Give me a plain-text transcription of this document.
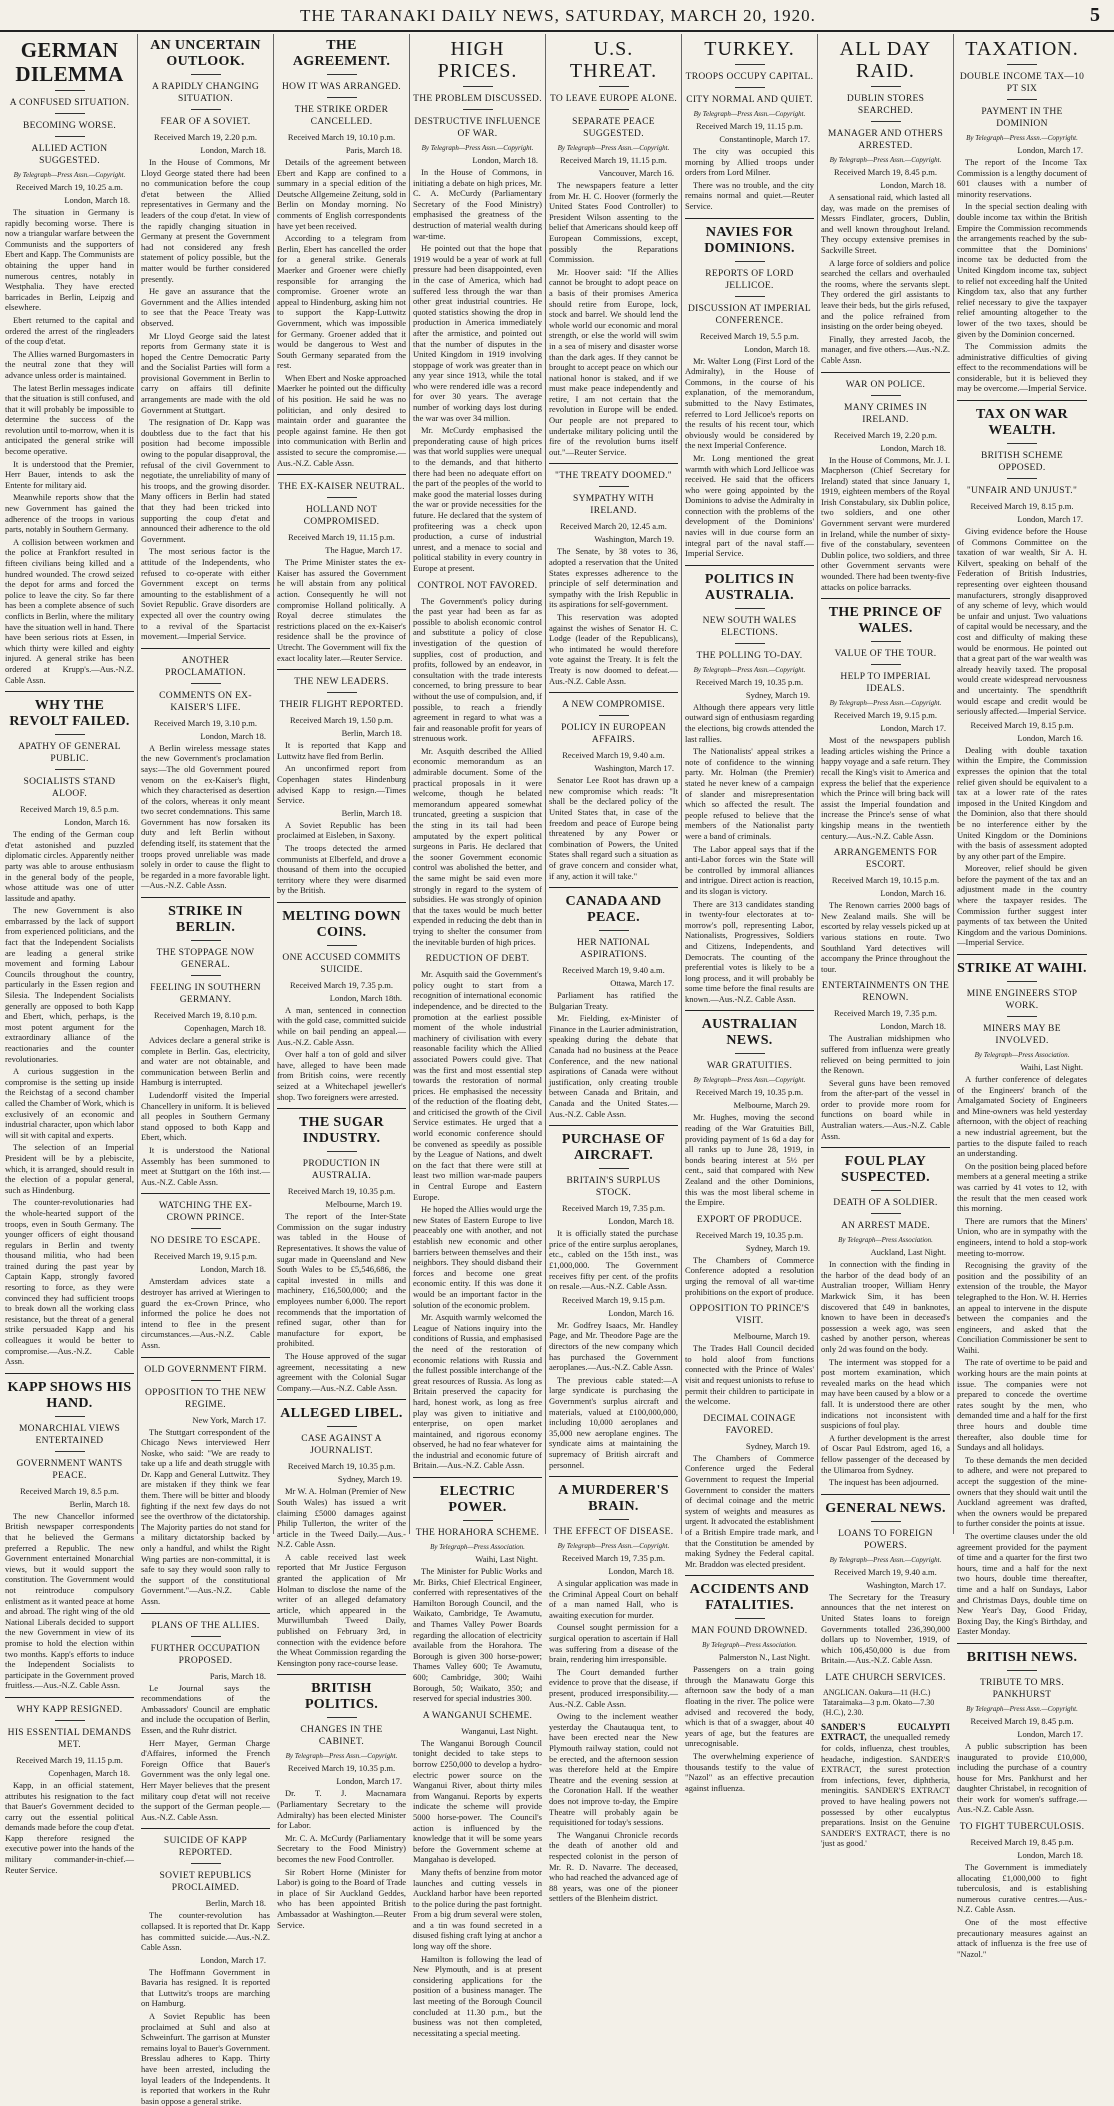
THE TARANAKI DAILY NEWS, SATURDAY, MARCH 20, 1920.	5
GERMAN DILEMMA
A CONFUSED SITUATION.
BECOMING WORSE.
ALLIED ACTION SUGGESTED.
By Telegraph—Press Assn.—Copyright.
Received March 19, 10.25 a.m.
London, March 18.
The situation in Germany is rapidly becoming worse. There is now a triangular warfare between the Communists and the supporters of Ebert and Kapp. The Communists are obtaining the upper hand in numerous centres, notably in Westphalia. They have erected barricades in Berlin, Leipzig and elsewhere.
Ebert returned to the capital and ordered the arrest of the ringleaders of the coup d'etat.
The Allies warned Burgomasters in the neutral zone that they will advance unless order is maintained.
The latest Berlin messages indicate that the situation is still confused, and that it will probably be impossible to determine the success of the revolution until to-morrow, when it is anticipated the general strike will become operative.
It is understood that the Premier, Herr Bauer, intends to ask the Entente for military aid.
Meanwhile reports show that the new Government has gained the adherence of the troops in various parts, notably in Southern Germany.
A collision between workmen and the police at Frankfort resulted in fifteen civilians being killed and a hundred wounded. The crowd seized the depot for arms and forced the police to leave the city. So far there has been a complete absence of such conflicts in Berlin, where the military have the situation well in hand. There have been serious riots at Essen, in which thirty were killed and eighty injured. A general strike has been ordered at Krupp's.—Aus.-N.Z. Cable Assn.
WHY THE REVOLT FAILED.
APATHY OF GENERAL PUBLIC.
SOCIALISTS STAND ALOOF.
Received March 19, 8.5 p.m.
London, March 16.
The ending of the German coup d'etat astonished and puzzled diplomatic circles. Apparently neither party was able to arouse enthusiasm in the general body of the people, whose attitude was one of utter lassitude and apathy.
The new Government is also embarrassed by the lack of support from experienced politicians, and the fact that the Independent Socialists are leading a general strike movement and forming Labour Councils throughout the country, particularly in the Essen region and Silesia. The Independent Socialists generally are opposed to both Kapp and Ebert, which, perhaps, is the most potent argument for the extraordinary alliance of the reactionaries and the counter revolutionaries.
A curious suggestion in the compromise is the setting up inside the Reichstag of a second chamber called the Chamber of Work, which is exclusively of an economic and industrial character, upon which labor will sit with capital and experts.
The selection of an Imperial President will be by a plebiscite, which, it is arranged, should result in the election of a popular general, such as Hindenburg.
The counter-revolutionaries had the whole-hearted support of the troops, even in South Germany. The younger officers of eight thousand regulars in Berlin and twenty thousand militia, who had been trained during the past year by Captain Kapp, strongly favored resorting to force, as they were convinced they had sufficient troops to break down all the working class resistance, but the threat of a general strike persuaded Kapp and his colleagues it would be better to compromise.—Aus.-N.Z. Cable Assn.
KAPP SHOWS HIS HAND.
MONARCHIAL VIEWS ENTERTAINED
GOVERNMENT WANTS PEACE.
Received March 19, 8.5 p.m.
Berlin, March 18.
The new Chancellor informed British newspaper correspondents that he believed the Germans preferred a Republic. The new Government entertained Monarchial views, but it would support the constitution. The Government would not reintroduce compulsory enlistment as it wanted peace at home and abroad. The right wing of the old National Liberals decided to support the new Government in view of its promise to hold the election within two months. Kapp's efforts to induce the Independent Socialists to participate in the Government proved fruitless.—Aus.-N.Z. Cable Assn.
WHY KAPP RESIGNED.
HIS ESSENTIAL DEMANDS MET.
Received March 19, 11.15 p.m.
Copenhagen, March 18.
Kapp, in an official statement, attributes his resignation to the fact that Bauer's Government decided to carry out the essential political demands made before the coup d'etat. Kapp therefore resigned the executive power into the hands of the military commander-in-chief.—Reuter Service.
AN UNCERTAIN OUTLOOK.
A RAPIDLY CHANGING SITUATION.
FEAR OF A SOVIET.
Received March 19, 2.20 p.m.
London, March 18.
In the House of Commons, Mr Lloyd George stated there had been no communication before the coup d'etat between the Allied representatives in Germany and the leaders of the coup d'etat. In view of the rapidly changing situation in Germany at present the Government had not considered any fresh statement of policy possible, but the matter would be further considered presently.
He gave an assurance that the Government and the Allies intended to see that the Peace Treaty was observed.
Mr Lloyd George said the latest reports from Germany state it is hoped the Centre Democratic Party and the Socialist Parties will form a provisional Government in Berlin to carry on affairs till definite arrangements are made with the old Government at Stuttgart.
The resignation of Dr. Kapp was doubtless due to the fact that his position had become impossible owing to the popular disapproval, the refusal of the civil Government to negotiate, the unreliability of many of his troops, and the growing disorder. Many officers in Berlin had stated that they had been tricked into supporting the coup d'etat and announced their adherence to the old Government.
The most serious factor is the attitude of the Independents, who refused to co-operate with either Government except on terms amounting to the establishment of a Soviet Republic. Grave disorders are expected all over the country owing to a revival of the Spartacist movement.—Imperial Service.
ANOTHER PROCLAMATION.
COMMENTS ON EX-KAISER'S LIFE.
Received March 19, 3.10 p.m.
London, March 18.
A Berlin wireless message states the new Government's proclamation says:—The old Government poured venom on the ex-Kaiser's flight, which they characterised as desertion of the colors, whereas it only meant two secret condemnations. This same Government has now forsaken its duty and left Berlin without defending itself, its statement that the troops proved unreliable was made solely in order to cause the flight to be regarded in a more favorable light.—Aus.-N.Z. Cable Assn.
STRIKE IN BERLIN.
THE STOPPAGE NOW GENERAL.
FEELING IN SOUTHERN GERMANY.
Received March 19, 8.10 p.m.
Copenhagen, March 18.
Advices declare a general strike is complete in Berlin. Gas, electricity, and water are not obtainable, and communication between Berlin and Hamburg is interrupted.
Ludendorff visited the Imperial Chancellery in uniform. It is believed all peoples in Southern Germany stand opposed to both Kapp and Ebert, which.
It is understood the National Assembly has been summoned to meet at Stuttgart on the 16th inst.—Aus.-N.Z. Cable Assn.
WATCHING THE EX-CROWN PRINCE.
NO DESIRE TO ESCAPE.
Received March 19, 9.15 p.m.
London, March 18.
Amsterdam advices state a destroyer has arrived at Wieringen to guard the ex-Crown Prince, who informed the police he does not intend to flee in the present circumstances.—Aus.-N.Z. Cable Assn.
OLD GOVERNMENT FIRM.
OPPOSITION TO THE NEW REGIME.
New York, March 17.
The Stuttgart correspondent of the Chicago News interviewed Herr Noske, who said: "We are ready to take up a life and death struggle with Dr. Kapp and General Luttwitz. They are mistaken if they think we fear them. There will be bitter and bloody fighting if the next few days do not see the overthrow of the dictatorship. The Majority parties do not stand for a military dictatorship backed by only a handful, and whilst the Right Wing parties are non-committal, it is safe to say they would soon rally to the support of the constitutional Government."—Aus.-N.Z. Cable Assn.
PLANS OF THE ALLIES.
FURTHER OCCUPATION PROPOSED.
Paris, March 18.
Le Journal says the recommendations of the Ambassadors' Council are emphatic and include the occupation of Berlin, Essen, and the Ruhr district.
Herr Mayer, German Charge d'Affaires, informed the French Foreign Office that Bauer's Government was the only legal one. Herr Mayer believes that the present military coup d'etat will not receive the support of the German people.—Aus.-N.Z. Cable Assn.
SUICIDE OF KAPP REPORTED.
SOVIET REPUBLICS PROCLAIMED.
Berlin, March 18.
The counter-revolution has collapsed. It is reported that Dr. Kapp has committed suicide.—Aus.-N.Z. Cable Assn.
London, March 17.
The Hoffmann Government in Bavaria has resigned. It is reported that Luttwitz's troops are marching on Hamburg.
A Soviet Republic has been proclaimed at Suhl and also at Schweinfurt. The garrison at Munster remains loyal to Bauer's Government. Bresslau adheres to Kapp. Thirty have been arrested, including the loyal leaders of the Independents. It is reported that workers in the Ruhr basin oppose a general strike.
THE AGREEMENT.
HOW IT WAS ARRANGED.
THE STRIKE ORDER CANCELLED.
Received March 19, 10.10 p.m.
Paris, March 18.
Details of the agreement between Ebert and Kapp are confined to a summary in a special edition of the Deutsche Allgemeine Zeitung, sold in Berlin on Monday morning. No comments of English correspondents have yet been received.
According to a telegram from Berlin, Ebert has cancelled the order for a general strike. Generals Maerker and Groener were chiefly responsible for arranging the compromise. Groener wrote an appeal to Hindenburg, asking him not to support the Kapp-Luttwitz Government, which was impossible for Germany. Groener added that it would be dangerous to West and South Germany separated from the rest.
When Ebert and Noske approached Maerker he pointed out the difficulty of his position. He said he was no politician, and only desired to maintain order and guarantee the people against famine. He then got into communication with Berlin and assisted to secure the compromise.—Aus.-N.Z. Cable Assn.
THE EX-KAISER NEUTRAL.
HOLLAND NOT COMPROMISED.
Received March 19, 11.15 p.m.
The Hague, March 17.
The Prime Minister states the ex-Kaiser has assured the Government he will abstain from any political action. Consequently he will not compromise Holland politically. A Royal decree stimulates the restrictions placed on the ex-Kaiser's residence shall be the province of Utrecht. The Government will fix the exact locality later.—Reuter Service.
THE NEW LEADERS.
THEIR FLIGHT REPORTED.
Received March 19, 1.50 p.m.
Berlin, March 18.
It is reported that Kapp and Luttwitz have fled from Berlin.
An unconfirmed report from Copenhagen states Hindenburg advised Kapp to resign.—Times Service.
Berlin, March 18.
A Soviet Republic has been proclaimed at Eisleben, in Saxony.
The troops detected the armed communists at Elberfeld, and drove a thousand of them into the occupied territory where they were disarmed by the British.
MELTING DOWN COINS.
ONE ACCUSED COMMITS SUICIDE.
Received March 19, 7.35 p.m.
London, March 18th.
A man, sentenced in connection with the gold case, committed suicide while on bail pending an appeal.—Aus.-N.Z. Cable Assn.
Over half a ton of gold and silver have, alleged to have been made from British coins, were recently seized at a Whitechapel jeweller's shop. Two foreigners were arrested.
THE SUGAR INDUSTRY.
PRODUCTION IN AUSTRALIA.
Received March 19, 10.35 p.m.
Melbourne, March 19.
The report of the Inter-State Commission on the sugar industry was tabled in the House of Representatives. It shows the value of sugar made in Queensland and New South Wales to be £5,546,686, the capital invested in mills and machinery, £16,500,000; and the employees number 6,000. The report recommends that the importation of refined sugar, other than for manufacture for export, be prohibited.
The House approved of the sugar agreement, necessitating a new agreement with the Colonial Sugar Company.—Aus.-N.Z. Cable Assn.
ALLEGED LIBEL.
CASE AGAINST A JOURNALIST.
Received March 19, 10.35 p.m.
Sydney, March 19.
Mr W. A. Holman (Premier of New South Wales) has issued a writ claiming £5000 damages against Philip Tullerton, the writer of the article in the Tweed Daily.—Aus.-N.Z. Cable Assn.
A cable received last week reported that Mr Justice Ferguson granted the application of Mr Holman to disclose the name of the writer of an alleged defamatory article, which appeared in the Murwillumbah Tweed Daily, published on February 3rd, in connection with the evidence before the Wheat Commission regarding the Kensington pony race-course lease.
BRITISH POLITICS.
CHANGES IN THE CABINET.
By Telegraph—Press Assn.—Copyright.
Received March 19, 10.35 p.m.
London, March 17.
Dr. T. J. Macnamara (Parliamentary Secretary to the Admiralty) has been elected Minister for Labor.
Mr. C. A. McCurdy (Parliamentary Secretary to the Food Ministry) becomes the new Food Controller.
Sir Robert Horne (Minister for Labor) is going to the Board of Trade in place of Sir Auckland Geddes, who has been appointed British Ambassador at Washington.—Reuter Service.
HIGH PRICES.
THE PROBLEM DISCUSSED.
DESTRUCTIVE INFLUENCE OF WAR.
By Telegraph—Press Assn.—Copyright.
London, March 18.
In the House of Commons, in initiating a debate on high prices, Mr. C. A. McCurdy (Parliamentary Secretary of the Food Ministry) emphasised the greatness of the destruction of material wealth during war-time.
He pointed out that the hope that 1919 would be a year of work at full pressure had been disappointed, even in the case of America, which had suffered less through the war than other great industrial countries. He quoted statistics showing the drop in production in America immediately after the armistice, and pointed out that the number of disputes in the United Kingdom in 1919 involving stoppage of work was greater than in any year since 1913, while the total who were rendered idle was a record for over 30 years. The average number of working days lost during the war was over 34 million.
Mr. McCurdy emphasised the preponderating cause of high prices was that world supplies were unequal to the demands, and that hitherto there had been no adequate effort on the part of the peoples of the world to make good the material losses during the war or provide necessities for the future. He declared that the system of profiteering was a check upon production, a curse of industrial unrest, and a menace to social and political stability in every country in Europe at present.
CONTROL NOT FAVORED.
The Government's policy during the past year had been as far as possible to abolish economic control and substitute a policy of close investigation of the question of supplies, cost of production, and profits, followed by an endeavor, in consultation with the trade interests concerned, to bring pressure to bear without the use of compulsion, and, if possible, to reach a friendly agreement in regard to what was a fair and reasonable profit for years of strenuous work.
Mr. Asquith described the Allied economic memorandum as an admirable document. Some of the practical proposals in it were welcome, though he belated memorandum appeared somewhat truncated, greeting a suspicion that the sting in its tail had been amputated by the expert political surgeons in Paris. He declared that the sooner Government economic control was abolished the better, and the same might be said even more strongly in regard to the system of subsidies. He was strongly of opinion that the taxes would be much better expended in reducing the debt than in trying to shelter the consumer from the inevitable burden of high prices.
REDUCTION OF DEBT.
Mr. Asquith said the Government's policy ought to start from a recognition of international economic independence, and be directed to the promotion at the earliest possible moment of the whole industrial machinery of civilisation with every reasonable facility which the Allied associated Powers could give. That was the first and most essential step towards the restoration of normal prices. He emphasised the necessity of the reduction of the floating debt, and criticised the growth of the Civil Service estimates. He urged that a world economic conference should be convened as speedily as possible by the League of Nations, and dwelt on the fact that there were still at least two million war-made paupers in Central Europe and Eastern Europe.
He hoped the Allies would urge the new States of Eastern Europe to live peaceably one with another, and not establish new economic and other barriers between themselves and their neighbors. They should disband their forces and become one great economic entity. If this was done it would be an important factor in the solution of the economic problem.
Mr. Asquith warmly welcomed the League of Nations inquiry into the conditions of Russia, and emphasised the need of the restoration of economic relations with Russia and the fullest possible interchange of the great resources of Russia. As long as Britain preserved the capacity for hard, honest work, as long as free play was given to initiative and enterprise, on open market maintained, and rigorous economy observed, he had no fear whatever for the industrial and economic future of Britain.—Aus.-N.Z. Cable Assn.
ELECTRIC POWER.
THE HORAHORA SCHEME.
By Telegraph—Press Association.
Waihi, Last Night.
The Minister for Public Works and Mr. Birks, Chief Electrical Engineer, conferred with representatives of the Hamilton Borough Council, and the Waikato, Cambridge, Te Awamutu, and Thames Valley Power Boards regarding the allocation of electricity available from the Horahora. The Borough is given 300 horse-power; Thames Valley 600; Te Awamutu, 600; Cambridge, 300; Waihi Borough, 50; Waikato, 350; and reserved for special industries 300.
A WANGANUI SCHEME.
Wanganui, Last Night.
The Wanganui Borough Council tonight decided to take steps to borrow £250,000 to develop a hydro-electric power source on the Wanganui River, about thirty miles from Wanganui. Reports by experts indicate the scheme will provide 5000 horse-power. The Council's action is influenced by the knowledge that it will be some years before the Government scheme at Mangahao is developed.
Many thefts of benzine from motor launches and cutting vessels in Auckland harbor have been reported to the police during the past fortnight. From a big drum several were stolen, and a tin was found secreted in a disused fishing craft lying at anchor a long way off the shore.
Hamilton is following the lead of New Plymouth, and is at present considering applications for the position of a business manager. The last meeting of the Borough Council concluded at 11.30 p.m., but the business was not then completed, necessitating a special meeting.
U.S. THREAT.
TO LEAVE EUROPE ALONE.
SEPARATE PEACE SUGGESTED.
By Telegraph—Press Assn.—Copyright.
Received March 19, 11.15 p.m.
Vancouver, March 16.
The newspapers feature a letter from Mr. H. C. Hoover (formerly the United States Food Controller) to President Wilson assenting to the belief that Americans should keep off European Commissions, except, possibly the Reparations Commission.
Mr. Hoover said: "If the Allies cannot be brought to adopt peace on a basis of their promises America should retire from Europe, lock, stock and barrel. We should lend the whole world our economic and moral strength, or else the world will swim in a sea of misery and disaster worse than the dark ages. If they cannot be brought to accept peace on which our national honor is staked, and if we must make peace independently and retire, I am not certain that the revolution in Europe will be ended. Our people are not prepared to undertake military policing until the fire of the revolution burns itself out."—Reuter Service.
"THE TREATY DOOMED."
SYMPATHY WITH IRELAND.
Received March 20, 12.45 a.m.
Washington, March 19.
The Senate, by 38 votes to 36, adopted a reservation that the United States expresses adherence to the principle of self determination and sympathy with the Irish Republic in its aspirations for self-government.
This reservation was adopted against the wishes of Senator H. C. Lodge (leader of the Republicans), who intimated he would therefore vote against the Treaty. It is felt the Treaty is now doomed to defeat.—Aus.-N.Z. Cable Assn.
A NEW COMPROMISE.
POLICY IN EUROPEAN AFFAIRS.
Received March 19, 9.40 a.m.
Washington, March 17.
Senator Lee Root has drawn up a new compromise which reads: "It shall be the declared policy of the United States that, in case of the freedom and peace of Europe being threatened by any Power or combination of Powers, the United States shall regard such a situation as of grave concern and consider what, if any, action it will take."
CANADA AND PEACE.
HER NATIONAL ASPIRATIONS.
Received March 19, 9.40 a.m.
Ottawa, March 17.
Parliament has ratified the Bulgarian Treaty.
Mr. Fielding, ex-Minister of Finance in the Laurier administration, speaking during the debate that Canada had no business at the Peace Conference, and the new national aspirations of Canada were without justification, only creating trouble between Canada and Britain, and Canada and the United States.—Aus.-N.Z. Cable Assn.
PURCHASE OF AIRCRAFT.
BRITAIN'S SURPLUS STOCK.
Received March 19, 7.35 p.m.
London, March 18.
It is officially stated the purchase price of the entire surplus aeroplanes, etc., cabled on the 15th inst., was £1,000,000. The Government receives fifty per cent. of the profits on resale.—Aus.-N.Z. Cable Assn.
Received March 19, 9.15 p.m.
London, March 16.
Mr. Godfrey Isaacs, Mr. Handley Page, and Mr. Theodore Page are the directors of the new company which has purchased the Government aeroplanes.—Aus.-N.Z. Cable Assn.
The previous cable stated:—A large syndicate is purchasing the Government's surplus aircraft and materials, valued at £100,000,000, including 10,000 aeroplanes and 35,000 new aeroplane engines. The syndicate aims at maintaining the supremacy of British aircraft and personnel.
A MURDERER'S BRAIN.
THE EFFECT OF DISEASE.
By Telegraph—Press Assn.—Copyright.
Received March 19, 7.35 p.m.
London, March 18.
A singular application was made in the Criminal Appeal Court on behalf of a man named Hall, who is awaiting execution for murder.
Counsel sought permission for a surgical operation to ascertain if Hall was suffering from a disease of the brain, rendering him irresponsible.
The Court demanded further evidence to prove that the disease, if present, produced irresponsibility.—Aus.-N.Z. Cable Assn.
Owing to the inclement weather yesterday the Chautauqua tent, to have been erected near the New Plymouth railway station, could not be erected, and the afternoon session was therefore held at the Empire Theatre and the evening session at the Coronation Hall. If the weather does not improve to-day, the Empire Theatre will probably again be requisitioned for today's sessions.
The Wanganui Chronicle records the death of another old and respected colonist in the person of Mr. R. D. Navarre. The deceased, who had reached the advanced age of 88 years, was one of the pioneer settlers of the Blenheim district.
TURKEY.
TROOPS OCCUPY CAPITAL.
CITY NORMAL AND QUIET.
By Telegraph—Press Assn.—Copyright.
Received March 19, 11.15 p.m.
Constantinople, March 17.
The city was occupied this morning by Allied troops under orders from Lord Milner.
There was no trouble, and the city remains normal and quiet.—Reuter Service.
NAVIES FOR DOMINIONS.
REPORTS OF LORD JELLICOE.
DISCUSSION AT IMPERIAL CONFERENCE.
Received March 19, 5.5 p.m.
London, March 18.
Mr. Walter Long (First Lord of the Admiralty), in the House of Commons, in the course of his explanation, of the memorandum, submitted to the Navy Estimates, referred to Lord Jellicoe's reports on the results of his recent tour, which obviously would be considered by the next Imperial Conference.
Mr. Long mentioned the great warmth with which Lord Jellicoe was received. He said that the officers who were going appointed by the Dominions to advise the Admiralty in connection with the problems of the development of the Dominions' navies will in due course form an integral part of the naval staff.—Imperial Service.
POLITICS IN AUSTRALIA.
NEW SOUTH WALES ELECTIONS.
THE POLLING TO-DAY.
By Telegraph—Press Assn.—Copyright.
Received March 19, 10.35 p.m.
Sydney, March 19.
Although there appears very little outward sign of enthusiasm regarding the elections, big crowds attended the last rallies.
The Nationalists' appeal strikes a note of confidence to the winning party. Mr. Holman (the Premier) stated he never knew of a campaign of slander and misrepresentation which so affected the result. The people refused to believe that the members of the Nationalist party were a band of criminals.
The Labor appeal says that if the anti-Labor forces win the State will be controlled by immoral alliances and intrigue. Direct action is reaction, and its slogan is victory.
There are 313 candidates standing in twenty-four electorates at to-morrow's poll, representing Labor, Nationalists, Progressives, Soldiers and Citizens, Independents, and Democrats. The counting of the preferential votes is likely to be a long process, and it will probably be some time before the final results are known.—Aus.-N.Z. Cable Assn.
AUSTRALIAN NEWS.
WAR GRATUITIES.
By Telegraph—Press Assn.—Copyright.
Received March 19, 10.35 p.m.
Melbourne, March 29.
Mr. Hughes, moving the second reading of the War Gratuities Bill, providing payment of 1s 6d a day for all ranks up to June 28, 1919, in bonds bearing interest at 5½ per cent., said that compared with New Zealand and the other Dominions, this was the most liberal scheme in the Empire.
EXPORT OF PRODUCE.
Received March 19, 10.35 p.m.
Sydney, March 19.
The Chambers of Commerce Conference adopted a resolution urging the removal of all war-time prohibitions on the export of produce.
OPPOSITION TO PRINCE'S VISIT.
Melbourne, March 19.
The Trades Hall Council decided to hold aloof from functions connected with the Prince of Wales' visit and request unionists to refuse to permit their children to participate in the welcome.
DECIMAL COINAGE FAVORED.
Sydney, March 19.
The Chambers of Commerce Conference urged the Federal Government to request the Imperial Government to consider the matters of decimal coinage and the metric system of weights and measures as urgent. It advocated the establishment of a British Empire trade mark, and that the Constitution be amended by making Sydney the Federal capital. Mr. Braddon was elected president.
ACCIDENTS AND FATALITIES.
MAN FOUND DROWNED.
By Telegraph—Press Association.
Palmerston N., Last Night.
Passengers on a train going through the Manawatu Gorge this afternoon saw the body of a man floating in the river. The police were advised and recovered the body, which is that of a swagger, about 40 years of age, but the features are unrecognisable.
The overwhelming experience of thousands testify to the value of "Nazol" as an effective precaution against influenza.
ALL DAY RAID.
DUBLIN STORES SEARCHED.
MANAGER AND OTHERS ARRESTED.
By Telegraph—Press Assn.—Copyright.
Received March 19, 8.45 p.m.
London, March 18.
A sensational raid, which lasted all day, was made on the premises of Messrs Findlater, grocers, Dublin, and well known throughout Ireland. They occupy extensive premises in Sackville Street.
A large force of soldiers and police searched the cellars and overhauled the rooms, where the servants slept. They ordered the girl assistants to leave their beds, but the girls refused, and the police refrained from insisting on the order being obeyed.
Finally, they arrested Jacob, the manager, and five others.—Aus.-N.Z. Cable Assn.
WAR ON POLICE.
MANY CRIMES IN IRELAND.
Received March 19, 2.20 p.m.
London, March 18.
In the House of Commons, Mr. J. I. Macpherson (Chief Secretary for Ireland) stated that since January 1, 1919, eighteen members of the Royal Irish Constabulary, six Dublin police, two soldiers, and one other Government servant were murdered in Ireland, while the number of sixty-five of the constabulary, seventeen Dublin police, two soldiers, and three other Government servants were wounded. There had been twenty-five attacks on police barracks.
THE PRINCE OF WALES.
VALUE OF THE TOUR.
HELP TO IMPERIAL IDEALS.
By Telegraph—Press Assn.—Copyright.
Received March 19, 9.15 p.m.
London, March 17.
Most of the newspapers publish leading articles wishing the Prince a happy voyage and a safe return. They recall the King's visit to America and express the belief that the experience which the Prince will bring back will assist the Imperial foundation and increase the Prince's sense of what kingship means in the twentieth century.—Aus.-N.Z. Cable Assn.
ARRANGEMENTS FOR ESCORT.
Received March 19, 10.15 p.m.
London, March 16.
The Renown carries 2000 bags of New Zealand mails. She will be escorted by relay vessels picked up at various stations en route. Two Southland Yard detectives will accompany the Prince throughout the tour.
ENTERTAINMENTS ON THE RENOWN.
Received March 19, 7.35 p.m.
London, March 18.
The Australian midshipmen who suffered from influenza were greatly relieved on being permitted to join the Renown.
Several guns have been removed from the after-part of the vessel in order to provide more room for functions on board while in Australian waters.—Aus.-N.Z. Cable Assn.
FOUL PLAY SUSPECTED.
DEATH OF A SOLDIER.
AN ARREST MADE.
By Telegraph—Press Association.
Auckland, Last Night.
In connection with the finding in the harbor of the dead body of an Australian trooper, William Henry Markwick Sim, it has been discovered that £49 in banknotes, known to have been in deceased's possession a week ago, was seen cashed by another person, whereas only 2d was found on the body.
The interment was stopped for a post mortem examination, which revealed marks on the head which may have been caused by a blow or a fall. It is understood there are other indications not inconsistent with suspicions of foul play.
A further development is the arrest of Oscar Paul Edstrom, aged 16, a fellow passenger of the deceased by the Ulimaroa from Sydney.
The inquest has been adjourned.
GENERAL NEWS.
LOANS TO FOREIGN POWERS.
By Telegraph—Press Assn.—Copyright.
Received March 19, 9.40 a.m.
Washington, March 17.
The Secretary for the Treasury announces that the net interest on United States loans to foreign Governments totalled 236,390,000 dollars up to November, 1919, of which 106,450,000 is due from Britain.—Aus.-N.Z. Cable Assn.
LATE CHURCH SERVICES.
ANGLICAN. Oakura—11 (H.C.) Tataraimaka—3 p.m. Okato—7.30 (H.C.), 2.30.
SANDER'S EUCALYPTI EXTRACT, the unequalled remedy for colds, influenza, chest troubles, headache, indigestion. SANDER'S EXTRACT, the surest protection from infections, fever, diphtheria, meningitis. SANDER'S EXTRACT proved to have healing powers not possessed by other eucalyptus preparations. Insist on the Genuine SANDER'S EXTRACT, there is no 'just as good.'
TAXATION.
DOUBLE INCOME TAX—10 PT SIX
PAYMENT IN THE DOMINION
By Telegraph—Press Assn.—Copyright.
London, March 17.
The report of the Income Tax Commission is a lengthy document of 601 clauses with a number of minority reservations.
In the special section dealing with double income tax within the British Empire the Commission recommends the arrangements reached by the sub-committee that the Dominions' income tax be deducted from the United Kingdom income tax, subject to relief not exceeding half the United Kingdom tax, also that any further relief necessary to give the taxpayer relief amounting altogether to the lower of the two taxes, should be given by the Dominion concerned.
The Commission admits the administrative difficulties of giving effect to the recommendations will be considerable, but it is believed they may be overcome.—Imperial Service.
TAX ON WAR WEALTH.
BRITISH SCHEME OPPOSED.
"UNFAIR AND UNJUST."
Received March 19, 8.15 p.m.
London, March 17.
Giving evidence before the House of Commons Committee on the taxation of war wealth, Sir A. H. Kilvert, speaking on behalf of the Federation of British Industries, representing over eighteen thousand manufacturers, strongly disapproved of any scheme of levy, which would be unfair and unjust. Two valuations of capital would be necessary, and the cost and difficulty of making these would be enormous. He pointed out that a great part of the war wealth was already heavily taxed. The proposal would create widespread nervousness and uncertainty. The spendthrift would escape and credit would be seriously affected.—Imperial Service.
Received March 19, 8.15 p.m.
London, March 16.
Dealing with double taxation within the Empire, the Commission expresses the opinion that the total relief given should be equivalent to a tax at a lower rate of the rates imposed in the United Kingdom and the Dominion, also that there should be no interference either by the United Kingdom or the Dominions with the basis of assessment adopted by any other part of the Empire.
Moreover, relief should be given before the payment of the tax and an adjustment made in the country where the taxpayer resides. The Commission further suggest inter payments of tax between the United Kingdom and the various Dominions.—Imperial Service.
STRIKE AT WAIHI.
MINE ENGINEERS STOP WORK.
MINERS MAY BE INVOLVED.
By Telegraph—Press Association.
Waihi, Last Night.
A further conference of delegates of the Engineers' branch of the Amalgamated Society of Engineers and Mine-owners was held yesterday afternoon, with the object of reaching a new industrial agreement, but the parties to the dispute failed to reach an understanding.
On the position being placed before members at a general meeting a strike was carried by 41 votes to 12, with the result that the men ceased work this morning.
There are rumors that the Miners' Union, who are in sympathy with the engineers, intend to hold a stop-work meeting to-morrow.
Recognising the gravity of the position and the possibility of an extension of the trouble, the Mayor telegraphed to the Hon. W. H. Herries an appeal to intervene in the dispute between the companies and the engineers, and asked that the Conciliation Commissioner be sent to Waihi.
The rate of overtime to be paid and working hours are the main points at issue. The companies were not prepared to concede the overtime rates sought by the men, who demanded time and a half for the first three hours and double time thereafter, also double time for Sundays and all holidays.
To these demands the men decided to adhere, and were not prepared to accept the suggestion of the mine-owners that they should wait until the Auckland agreement was drafted, when the owners would be prepared to further consider the points at issue.
The overtime clauses under the old agreement provided for the payment of time and a quarter for the first two hours, time and a half for the next two hours, double time thereafter, time and a half on Sundays, Labor and Christmas Days, double time on New Year's Day, Good Friday, Boxing Day, the King's Birthday, and Easter Monday.
BRITISH NEWS.
TRIBUTE TO MRS. PANKHURST
By Telegraph—Press Assn.—Copyright.
Received March 19, 8.45 p.m.
London, March 17.
A public subscription has been inaugurated to provide £10,000, including the purchase of a country house for Mrs. Pankhurst and her daughter Christabel, in recognition of their work for women's suffrage.—Aus.-N.Z. Cable Assn.
TO FIGHT TUBERCULOSIS.
Received March 19, 8.45 p.m.
London, March 18.
The Government is immediately allocating £1,000,000 to fight tuberculosis, and is establishing numerous curative centres.—Aus.-N.Z. Cable Assn.
One of the most effective precautionary measures against an attack of influenza is the free use of "Nazol."
